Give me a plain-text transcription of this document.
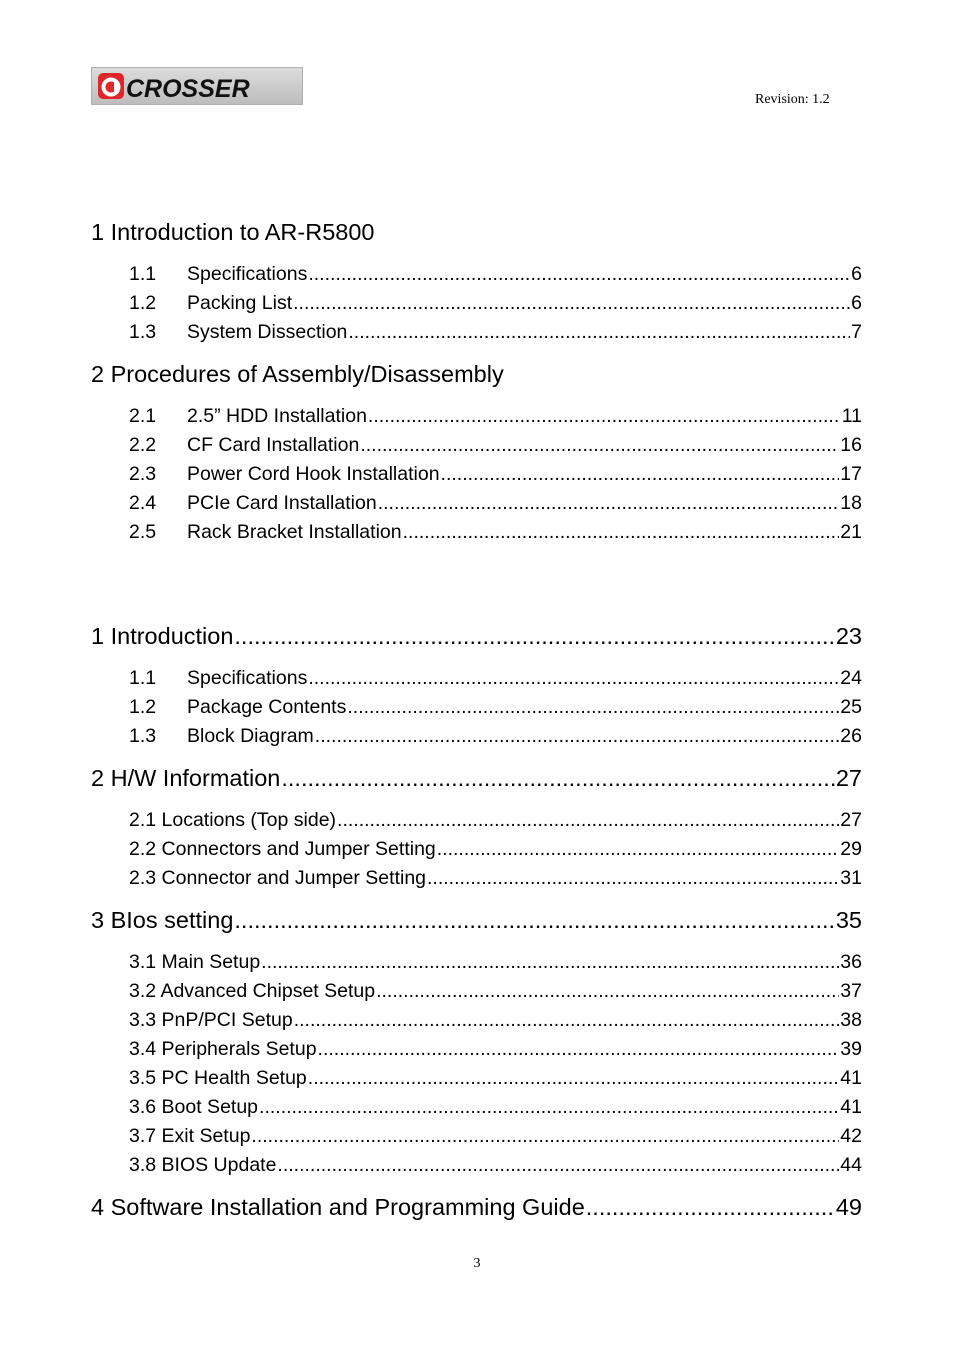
CROSSER	Revision: 1.2
1 Introduction to AR-R5800
1.1	Specifications .....	6
1.2	Packing List .....	6
1.3	System Dissection .....	7
2 Procedures of Assembly/Disassembly
2.1	2.5” HDD Installation .....	11
2.2	CF Card Installation .....	16
2.3	Power Cord Hook Installation .....	17
2.4	PCIe Card Installation .....	18
2.5	Rack Bracket Installation .....	21
1 Introduction .....	23
1.1	Specifications .....	24
1.2	Package Contents .....	25
1.3	Block Diagram .....	26
2 H/W Information .....	27
2.1 Locations (Top side) .....	27
2.2 Connectors and Jumper Setting .....	29
2.3 Connector and Jumper Setting .....	31
3 BIos setting .....	35
3.1 Main Setup .....	36
3.2 Advanced Chipset Setup .....	37
3.3 PnP/PCI Setup .....	38
3.4 Peripherals Setup .....	39
3.5 PC Health Setup .....	41
3.6 Boot Setup .....	41
3.7 Exit Setup .....	42
3.8 BIOS Update .....	44
4 Software Installation and Programming Guide .....	49
3
